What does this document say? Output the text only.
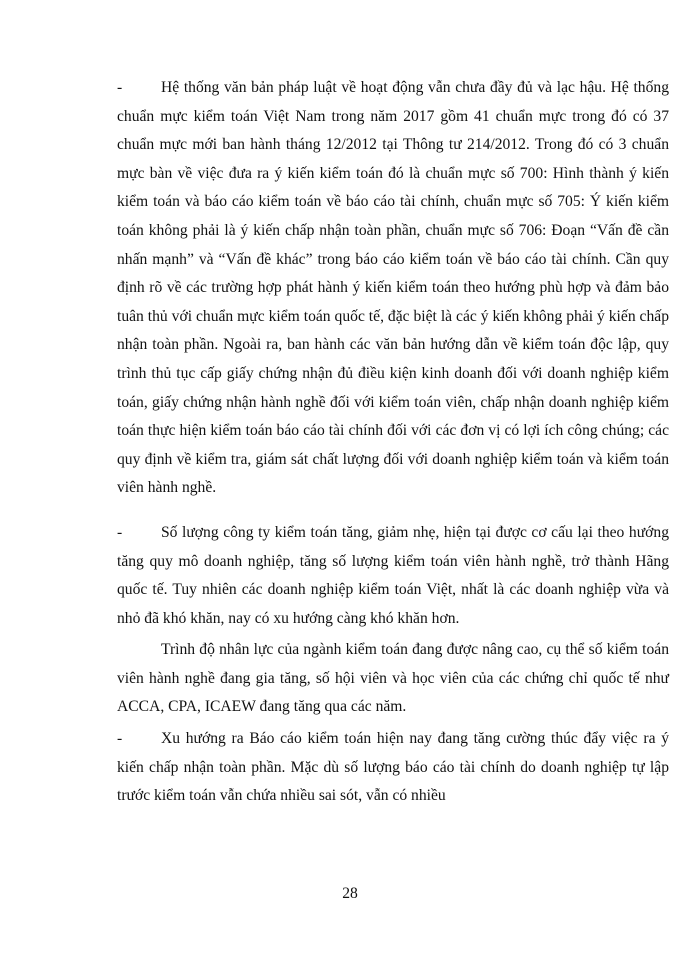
- Hệ thống văn bản pháp luật về hoạt động vẫn chưa đầy đủ và lạc hậu. Hệ thống chuẩn mực kiểm toán Việt Nam trong năm 2017 gồm 41 chuẩn mực trong đó có 37 chuẩn mực mới ban hành tháng 12/2012 tại Thông tư 214/2012. Trong đó có 3 chuẩn mực bàn về việc đưa ra ý kiến kiểm toán đó là chuẩn mực số 700: Hình thành ý kiến kiểm toán và báo cáo kiểm toán về báo cáo tài chính, chuẩn mực số 705: Ý kiến kiểm toán không phải là ý kiến chấp nhận toàn phần, chuẩn mực số 706: Đoạn “Vấn đề cần nhấn mạnh” và “Vấn đề khác” trong báo cáo kiểm toán về báo cáo tài chính. Cần quy định rõ về các trường hợp phát hành ý kiến kiểm toán theo hướng phù hợp và đảm bảo tuân thủ với chuẩn mực kiểm toán quốc tế, đặc biệt là các ý kiến không phải ý kiến chấp nhận toàn phần. Ngoài ra, ban hành các văn bản hướng dẫn về kiểm toán độc lập, quy trình thủ tục cấp giấy chứng nhận đủ điều kiện kinh doanh đối với doanh nghiệp kiểm toán, giấy chứng nhận hành nghề đối với kiểm toán viên, chấp nhận doanh nghiệp kiểm toán thực hiện kiểm toán báo cáo tài chính đối với các đơn vị có lợi ích công chúng; các quy định về kiểm tra, giám sát chất lượng đối với doanh nghiệp kiểm toán và kiểm toán viên hành nghề.

- Số lượng công ty kiểm toán tăng, giảm nhẹ, hiện tại được cơ cấu lại theo hướng tăng quy mô doanh nghiệp, tăng số lượng kiểm toán viên hành nghề, trở thành Hãng quốc tế. Tuy nhiên các doanh nghiệp kiểm toán Việt, nhất là các doanh nghiệp vừa và nhỏ đã khó khăn, nay có xu hướng càng khó khăn hơn.

Trình độ nhân lực của ngành kiểm toán đang được nâng cao, cụ thể số kiểm toán viên hành nghề đang gia tăng, số hội viên và học viên của các chứng chỉ quốc tế như ACCA, CPA, ICAEW đang tăng qua các năm.

- Xu hướng ra Báo cáo kiểm toán hiện nay đang tăng cường thúc đẩy việc ra ý kiến chấp nhận toàn phần. Mặc dù số lượng báo cáo tài chính do doanh nghiệp tự lập trước kiểm toán vẫn chứa nhiều sai sót, vẫn có nhiều

28
